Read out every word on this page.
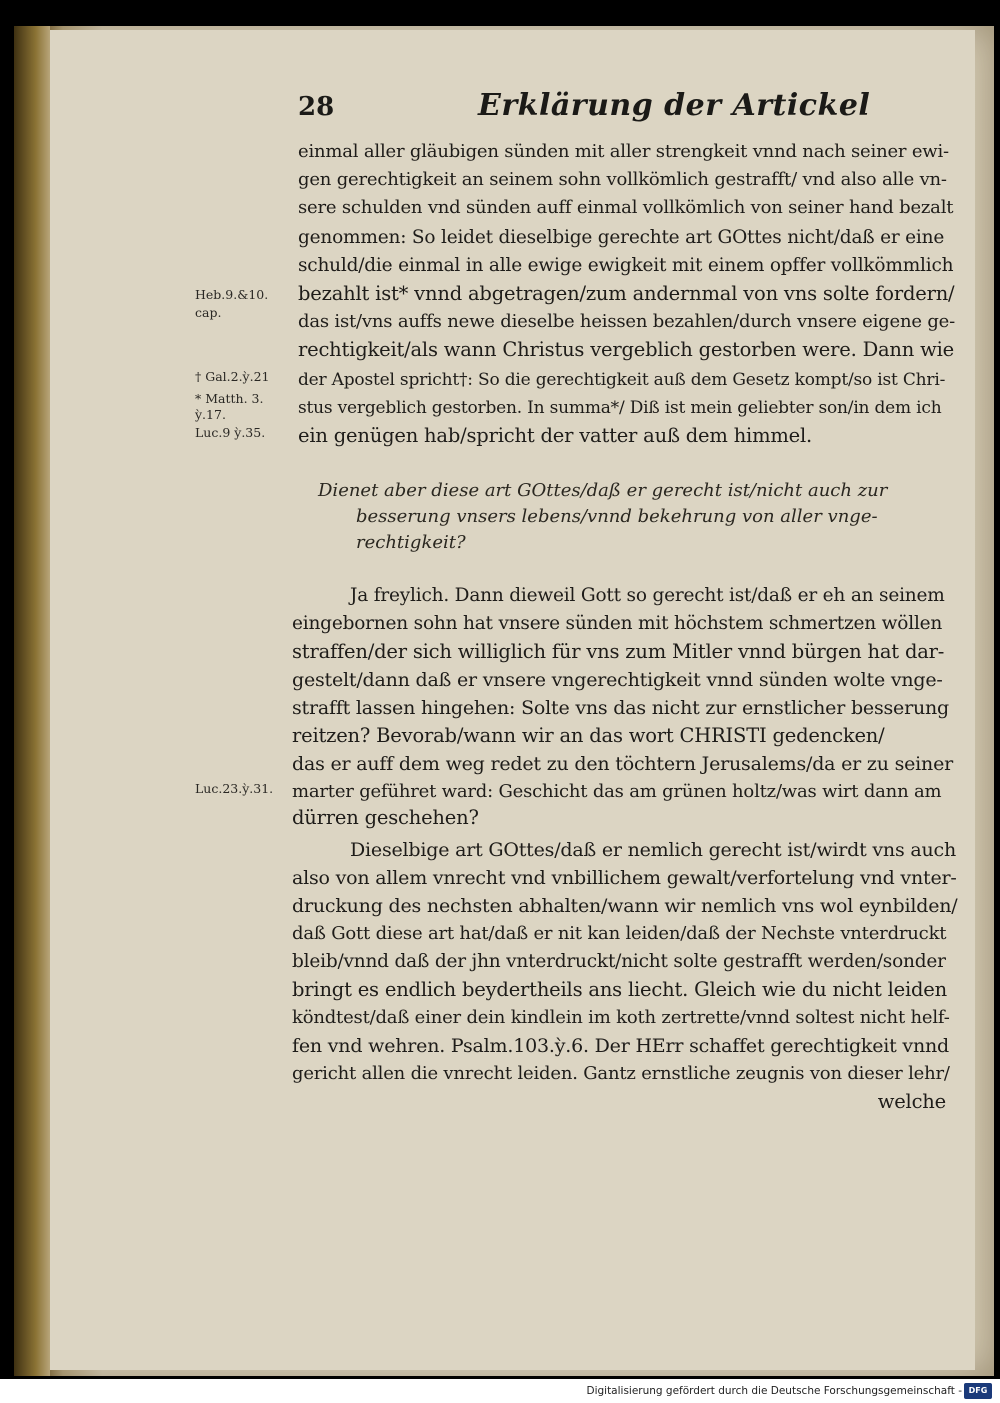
28	Erklärung der Artickel
einmal aller gläubigen sünden mit aller strengkeit vnnd nach seiner ewi-
gen gerechtigkeit an seinem sohn vollkömlich gestrafft/ vnd also alle vn-
sere schulden vnd sünden auff einmal vollkömlich von seiner hand bezalt
genommen: So leidet dieselbige gerechte art GOttes nicht/daß er eine
schuld/die einmal in alle ewige ewigkeit mit einem opffer vollkömmlich
bezahlt ist* vnnd abgetragen/zum andernmal von vns solte fordern/
das ist/vns auffs newe dieselbe heissen bezahlen/durch vnsere eigene ge-
rechtigkeit/als wann Christus vergeblich gestorben were. Dann wie
der Apostel spricht†: So die gerechtigkeit auß dem Gesetz kompt/so ist Chri-
stus vergeblich gestorben. In summa*/ Diß ist mein geliebter son/in dem ich
ein genügen hab/spricht der vatter auß dem himmel.
Heb.9.&10.
cap.
† Gal.2.ỳ.21
* Matth. 3.
ỳ.17.
Luc.9 ỳ.35.
Dienet aber diese art GOttes/daß er gerecht ist/nicht auch zur
besserung vnsers lebens/vnnd bekehrung von aller vnge-
rechtigkeit?
Ja freylich. Dann dieweil Gott so gerecht ist/daß er eh an seinem
eingebornen sohn hat vnsere sünden mit höchstem schmertzen wöllen
straffen/der sich williglich für vns zum Mitler vnnd bürgen hat dar-
gestelt/dann daß er vnsere vngerechtigkeit vnnd sünden wolte vnge-
strafft lassen hingehen: Solte vns das nicht zur ernstlicher besserung
reitzen? Bevorab/wann wir an das wort CHRISTI gedencken/
das er auff dem weg redet zu den töchtern Jerusalems/da er zu seiner
marter geführet ward: Geschicht das am grünen holtz/was wirt dann am
dürren geschehen?
Dieselbige art GOttes/daß er nemlich gerecht ist/wirdt vns auch
also von allem vnrecht vnd vnbillichem gewalt/verfortelung vnd vnter-
druckung des nechsten abhalten/wann wir nemlich vns wol eynbilden/
daß Gott diese art hat/daß er nit kan leiden/daß der Nechste vnterdruckt
bleib/vnnd daß der jhn vnterdruckt/nicht solte gestrafft werden/sonder
bringt es endlich beydertheils ans liecht. Gleich wie du nicht leiden
köndtest/daß einer dein kindlein im koth zertrette/vnnd soltest nicht helf-
fen vnd wehren. Psalm.103.ỳ.6. Der HErr schaffet gerechtigkeit vnnd
gericht allen die vnrecht leiden. Gantz ernstliche zeugnis von dieser lehr/
welche
Luc.23.ỳ.31.
Digitalisierung gefördert durch die Deutsche Forschungsgemeinschaft - DFG
